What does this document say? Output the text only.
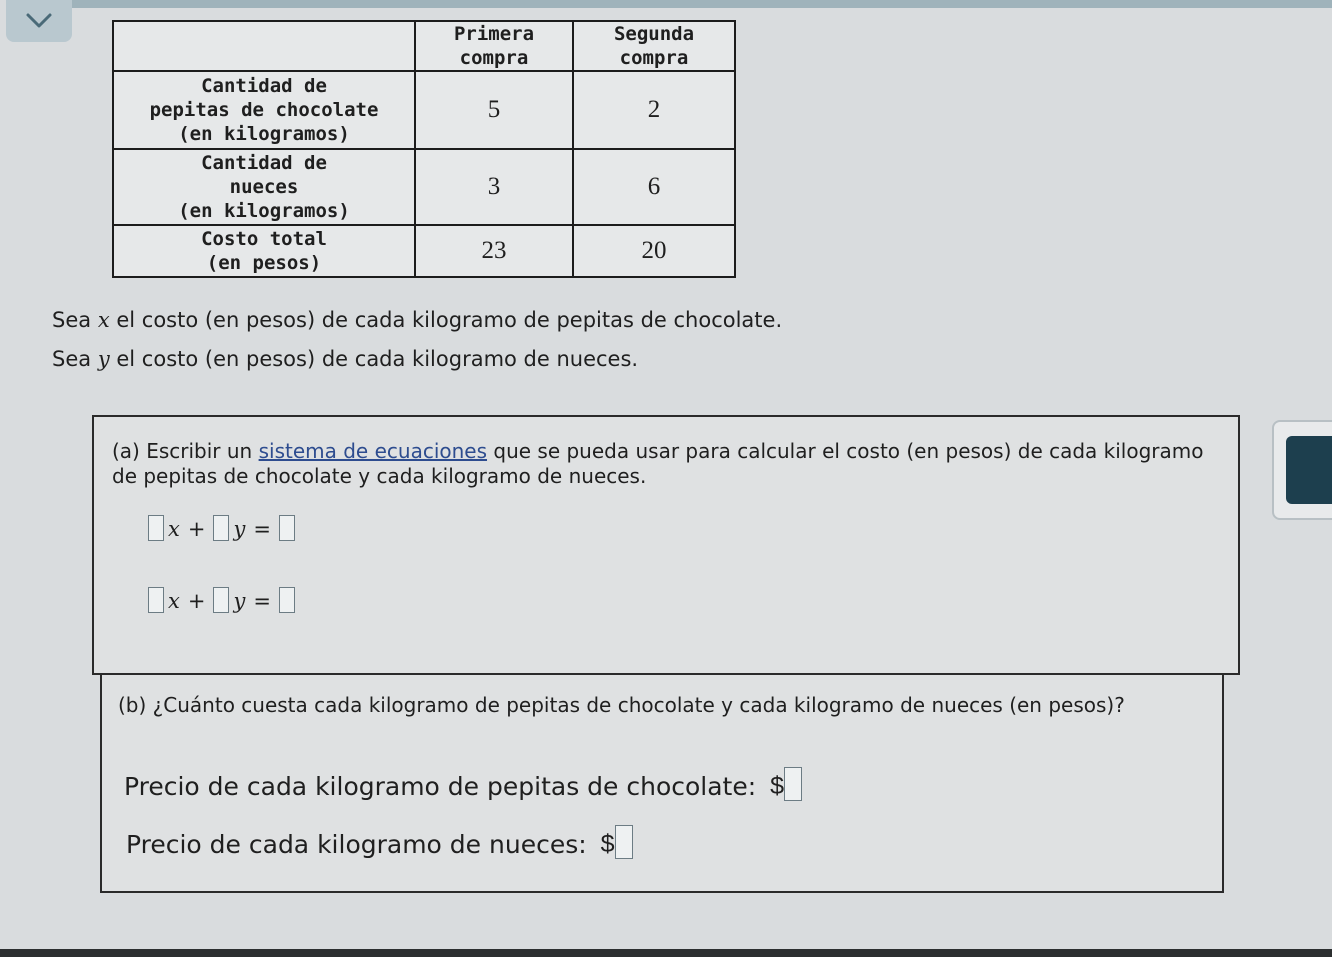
	Primera compra	Segunda compra

Cantidad de
pepitas de chocolate
(en kilogramos)	5	2

Cantidad de
nueces
(en kilogramos)	3	6

Costo total
(en pesos)	23	20
Sea x el costo (en pesos) de cada kilogramo de pepitas de chocolate.
Sea y el costo (en pesos) de cada kilogramo de nueces.
(a) Escribir un sistema de ecuaciones que se pueda usar para calcular el costo (en pesos) de cada kilogramo de pepitas de chocolate y cada kilogramo de nueces.
x + y =
x + y =
(b) ¿Cuánto cuesta cada kilogramo de pepitas de chocolate y cada kilogramo de nueces (en pesos)?
Precio de cada kilogramo de pepitas de chocolate: $
Precio de cada kilogramo de nueces: $
